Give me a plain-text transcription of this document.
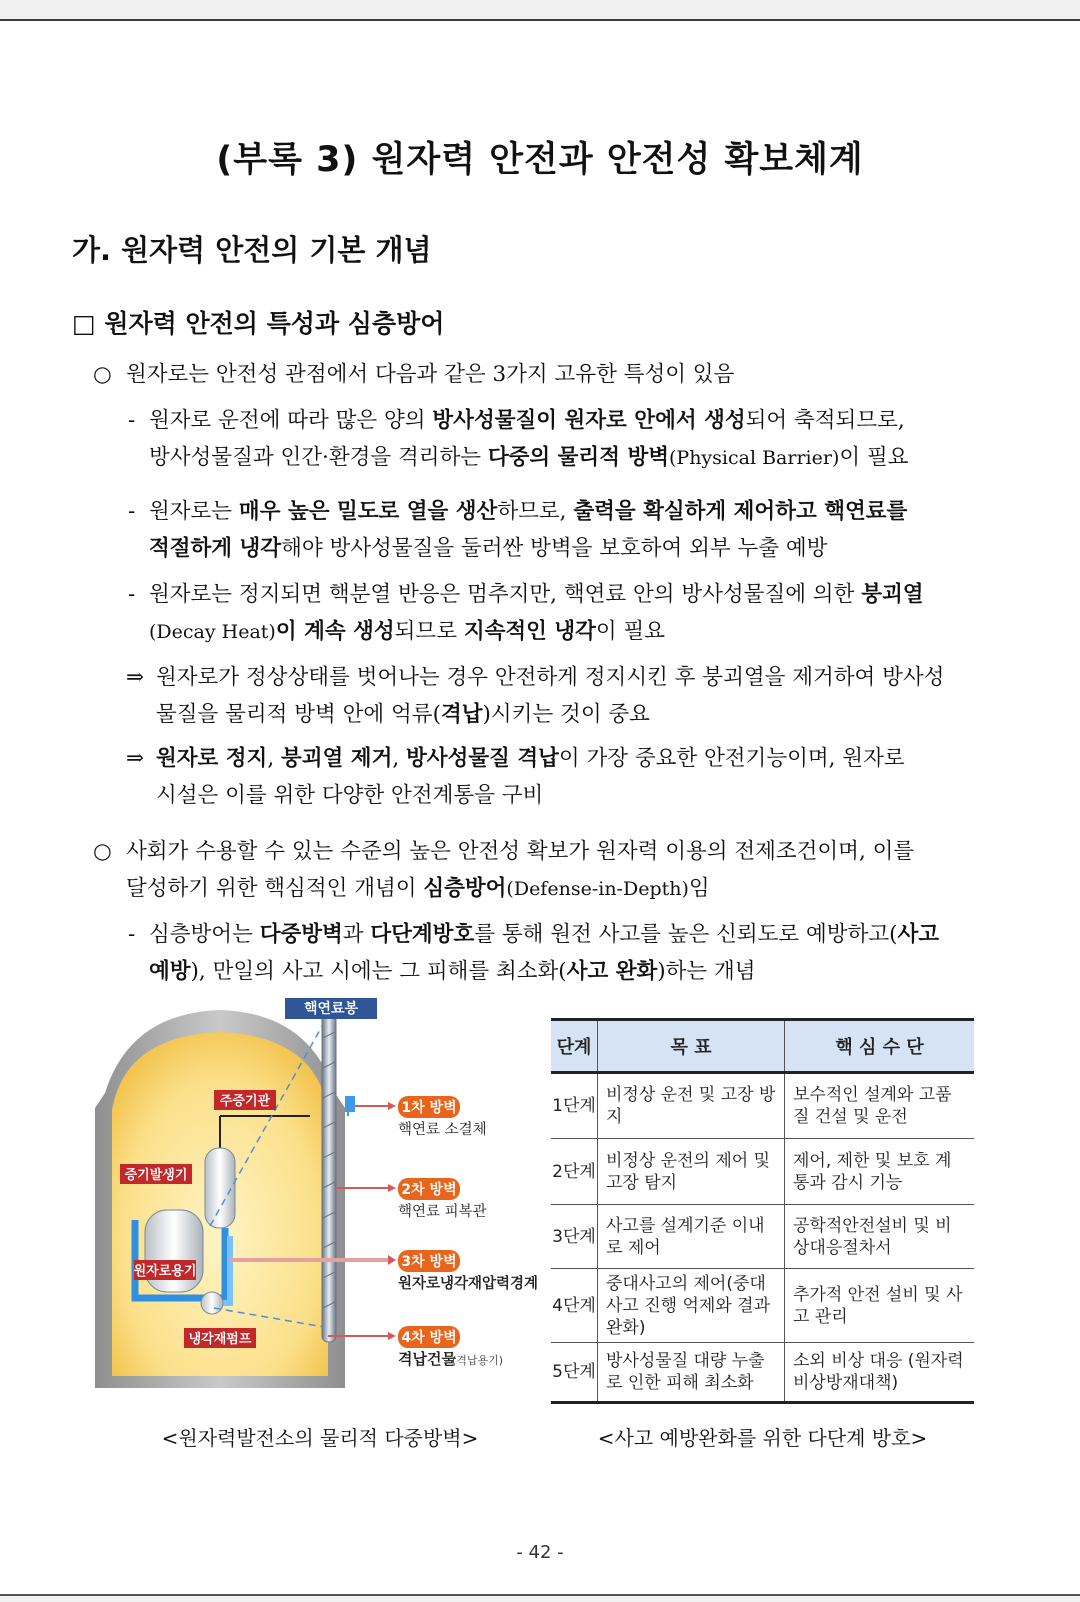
(부록 3) 원자력 안전과 안전성 확보체계
가. 원자력 안전의 기본 개념
□ 원자력 안전의 특성과 심층방어
○ 원자로는 안전성 관점에서 다음과 같은 3가지 고유한 특성이 있음
- 원자로 운전에 따라 많은 양의 방사성물질이 원자로 안에서 생성되어 축적되므로,
방사성물질과 인간·환경을 격리하는 다중의 물리적 방벽(Physical Barrier)이 필요
- 원자로는 매우 높은 밀도로 열을 생산하므로, 출력을 확실하게 제어하고 핵연료를
적절하게 냉각해야 방사성물질을 둘러싼 방벽을 보호하여 외부 누출 예방
- 원자로는 정지되면 핵분열 반응은 멈추지만, 핵연료 안의 방사성물질에 의한 붕괴열
(Decay Heat)이 계속 생성되므로 지속적인 냉각이 필요
⇒ 원자로가 정상상태를 벗어나는 경우 안전하게 정지시킨 후 붕괴열을 제거하여 방사성
물질을 물리적 방벽 안에 억류(격납)시키는 것이 중요
⇒ 원자로 정지, 붕괴열 제거, 방사성물질 격납이 가장 중요한 안전기능이며, 원자로
시설은 이를 위한 다양한 안전계통을 구비
○ 사회가 수용할 수 있는 수준의 높은 안전성 확보가 원자력 이용의 전제조건이며, 이를
달성하기 위한 핵심적인 개념이 심층방어(Defense-in-Depth)임
- 심층방어는 다중방벽과 다단계방호를 통해 원전 사고를 높은 신뢰도로 예방하고(사고
예방), 만일의 사고 시에는 그 피해를 최소화(사고 완화)하는 개념
핵연료봉
주증기관
증기발생기
원자로용기
냉각재펌프
1차 방벽
핵연료 소결체
2차 방벽
핵연료 피복관
3차 방벽
원자로냉각재압력경계
4차 방벽
격납건물
(격납용기)
<원자력발전소의 물리적 다중방벽>
단계	목 표	핵 심 수 단
1단계	비정상 운전 및 고장 방지	보수적인 설계와 고품질 건설 및 운전
2단계	비정상 운전의 제어 및 고장 탐지	제어, 제한 및 보호 계통과 감시 기능
3단계	사고를 설계기준 이내로 제어	공학적안전설비 및 비상대응절차서
4단계	중대사고의 제어(중대사고 진행 억제와 결과 완화)	추가적 안전 설비 및 사고 관리
5단계	방사성물질 대량 누출로 인한 피해 최소화	소외 비상 대응 (원자력 비상방재대책)
<사고 예방완화를 위한 다단계 방호>
- 42 -
